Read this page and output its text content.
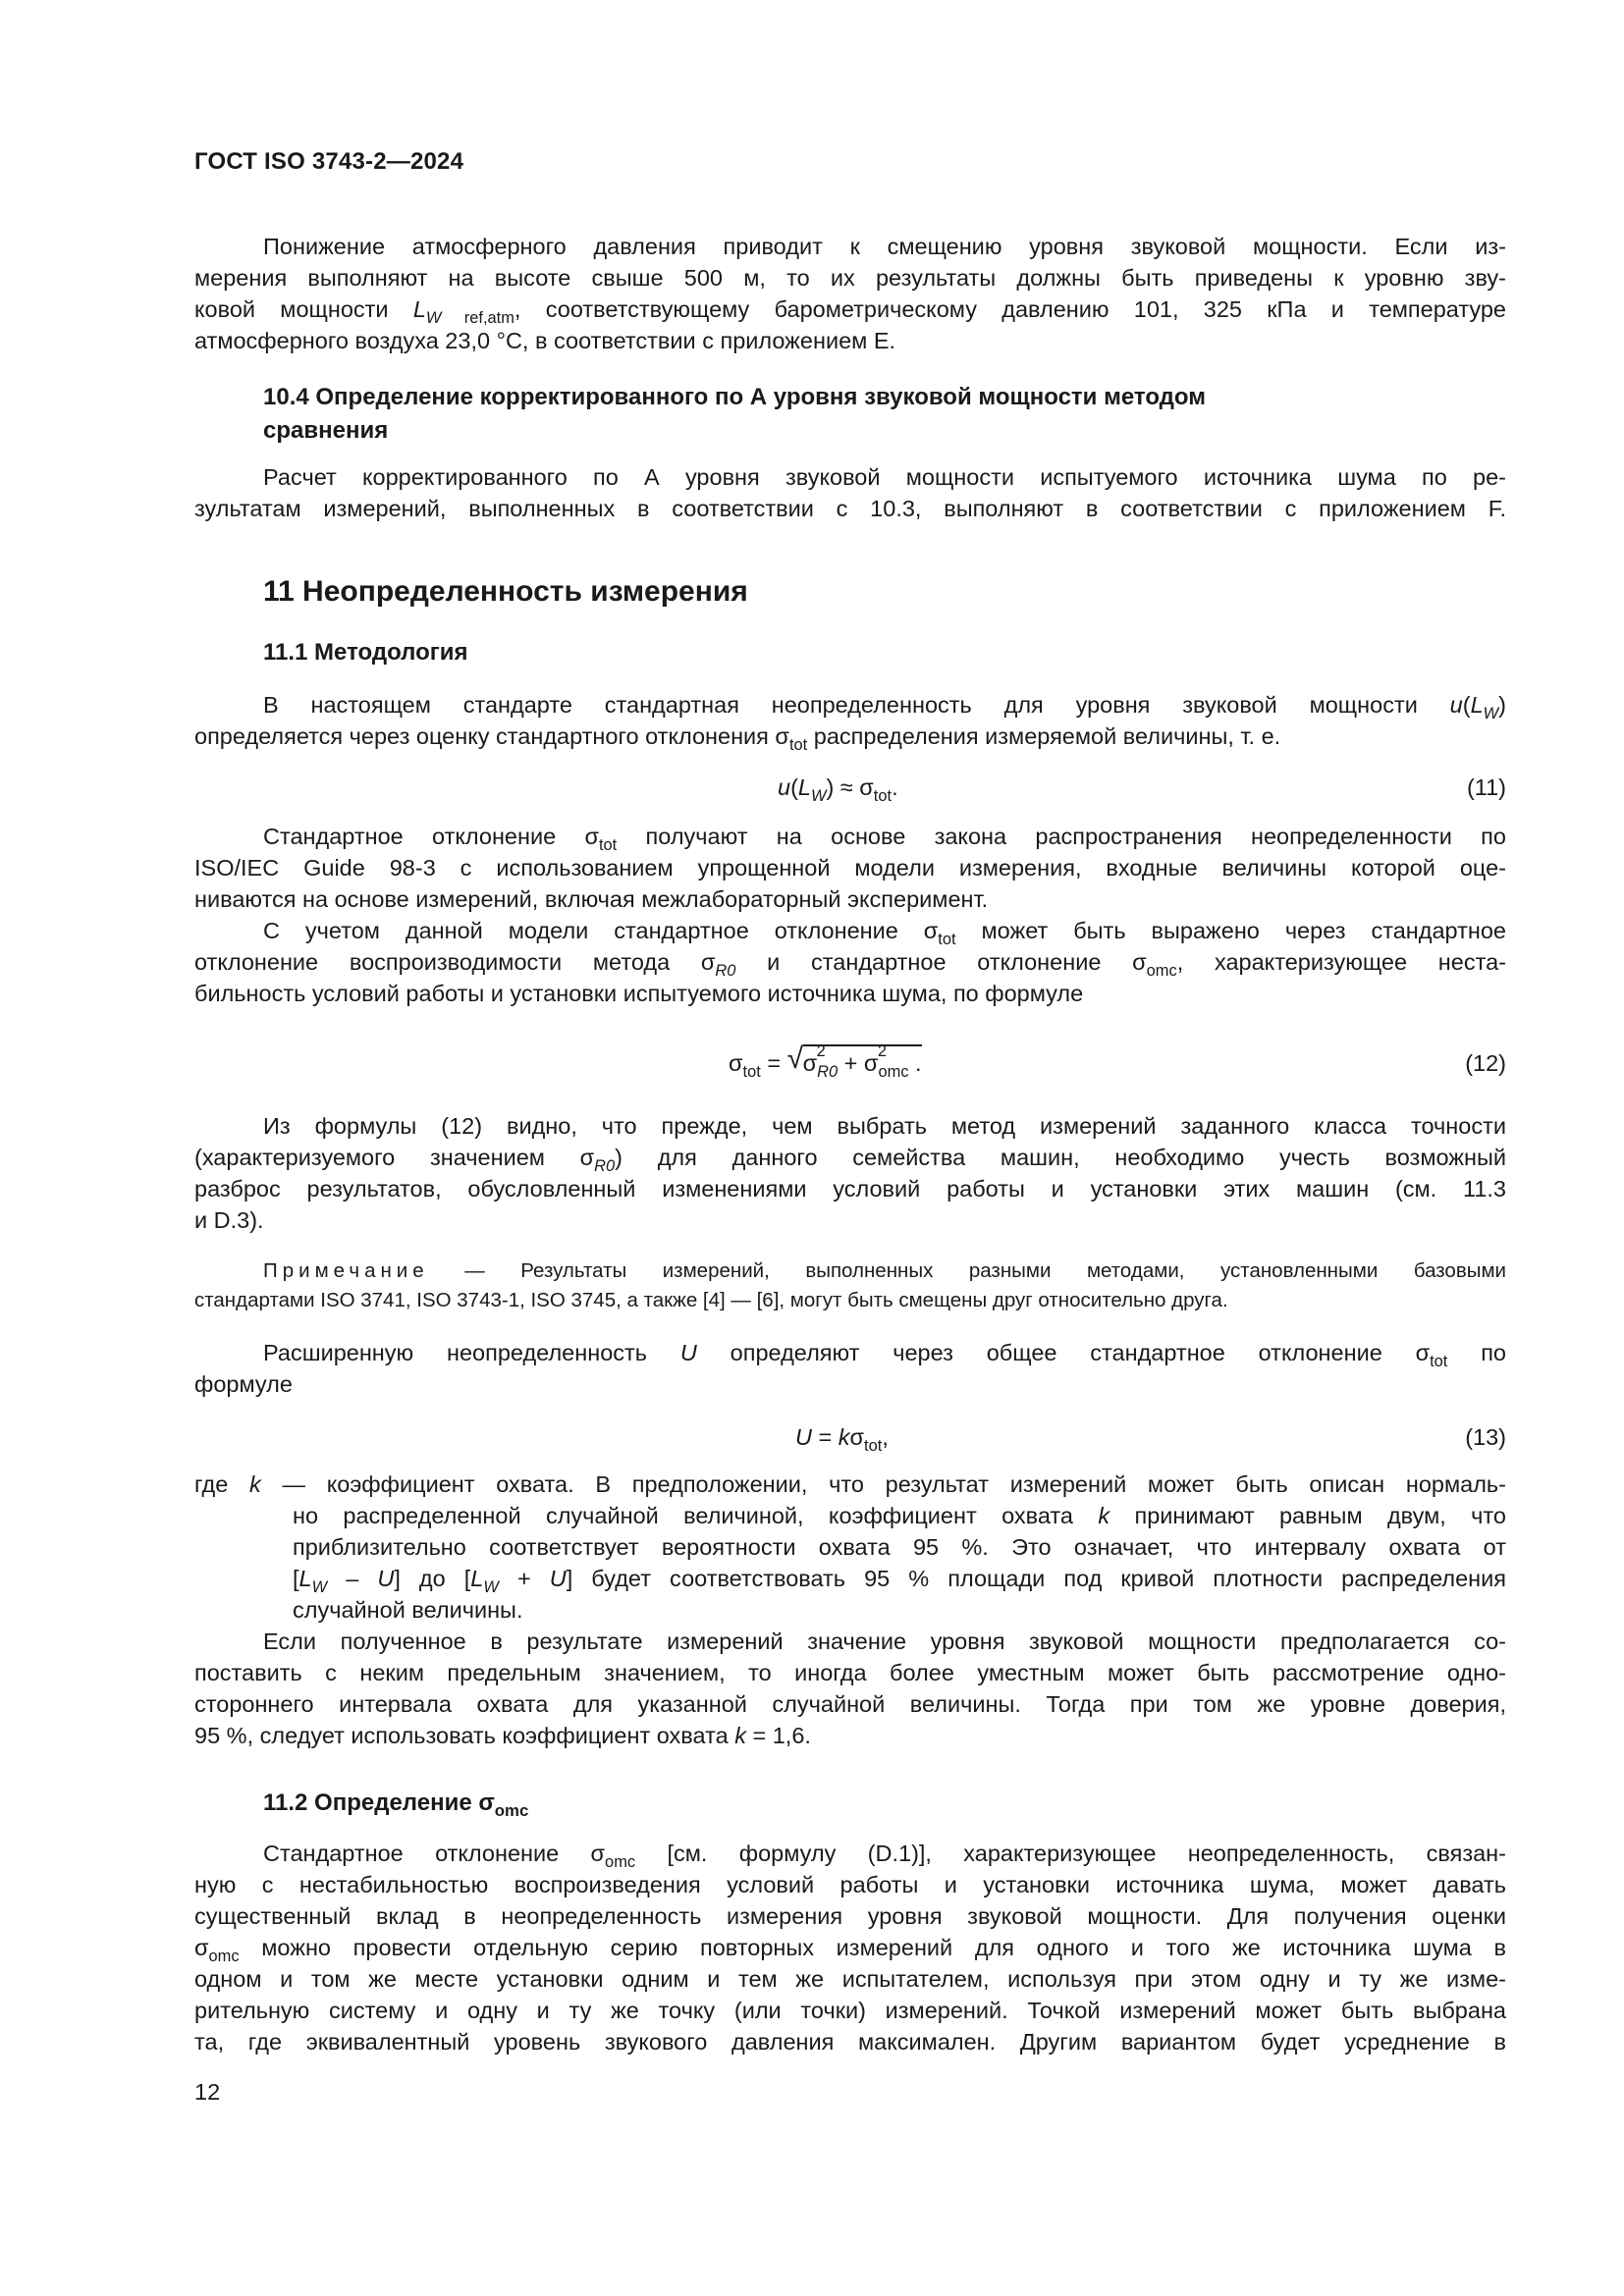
ГОСТ ISO 3743-2—2024
Понижение атмосферного давления приводит к смещению уровня звуковой мощности. Если из-
мерения выполняют на высоте свыше 500 м, то их результаты должны быть приведены к уровню зву-
ковой мощности $L_W$ $_{ref,atm}$, соответствующему барометрическому давлению 101, 325 кПа и температуре
атмосферного воздуха 23,0 °С, в соответствии с приложением Е.
10.4 Определение корректированного по А уровня звуковой мощности методом
сравнения
Расчет корректированного по А уровня звуковой мощности испытуемого источника шума по ре-
зультатам измерений, выполненных в соответствии с 10.3, выполняют в соответствии с приложением F.
11 Неопределенность измерения
11.1 Методология
В настоящем стандарте стандартная неопределенность для уровня звуковой мощности $u(L_W)$
определяется через оценку стандартного отклонения $\sigma_{tot}$ распределения измеряемой величины, т. е.
Стандартное отклонение $\sigma_{tot}$ получают на основе закона распространения неопределенности по
ISO/IEC Guide 98-3 с использованием упрощенной модели измерения, входные величины которой оце-
ниваются на основе измерений, включая межлабораторный эксперимент.
С учетом данной модели стандартное отклонение $\sigma_{tot}$ может быть выражено через стандартное
отклонение воспроизводимости метода $\sigma_{R0}$ и стандартное отклонение $\sigma_{omc}$, характеризующее неста-
бильность условий работы и установки испытуемого источника шума, по формуле
Из формулы (12) видно, что прежде, чем выбрать метод измерений заданного класса точности
(характеризуемого значением $\sigma_{R0}$) для данного семейства машин, необходимо учесть возможный
разброс результатов, обусловленный изменениями условий работы и установки этих машин (см. 11.3
и D.3).
Примечание — Результаты измерений, выполненных разными методами, установленными базовыми
стандартами ISO 3741, ISO 3743-1, ISO 3745, а также [4] — [6], могут быть смещены друг относительно друга.
Расширенную неопределенность U определяют через общее стандартное отклонение $\sigma_{tot}$ по
формуле
где k — коэффициент охвата. В предположении, что результат измерений может быть описан нормаль-
но распределенной случайной величиной, коэффициент охвата k принимают равным двум, что
приблизительно соответствует вероятности охвата 95 %. Это означает, что интервалу охвата от
$[L_W - U]$ до $[L_W + U]$ будет соответствовать 95 % площади под кривой плотности распределения
случайной величины.
Если полученное в результате измерений значение уровня звуковой мощности предполагается со-
поставить с неким предельным значением, то иногда более уместным может быть рассмотрение одно-
стороннего интервала охвата для указанной случайной величины. Тогда при том же уровне доверия,
95 %, следует использовать коэффициент охвата k = 1,6.
11.2 Определение $\sigma_{omc}$
Стандартное отклонение $\sigma_{omc}$ [см. формулу (D.1)], характеризующее неопределенность, связан-
ную с нестабильностью воспроизведения условий работы и установки источника шума, может давать
существенный вклад в неопределенность измерения уровня звуковой мощности. Для получения оценки
$\sigma_{omc}$ можно провести отдельную серию повторных измерений для одного и того же источника шума в
одном и том же месте установки одним и тем же испытателем, используя при этом одну и ту же изме-
рительную систему и одну и ту же точку (или точки) измерений. Точкой измерений может быть выбрана
та, где эквивалентный уровень звукового давления максимален. Другим вариантом будет усреднение в
$u(L_W) \approx \sigma_{tot}$.	(11)
$\sigma_{tot}$ = √ σ 2
$_{R0}$ + σ 2
$_{omc}$ .	(12)
$U = k\sigma_{tot}$,	(13)
12
